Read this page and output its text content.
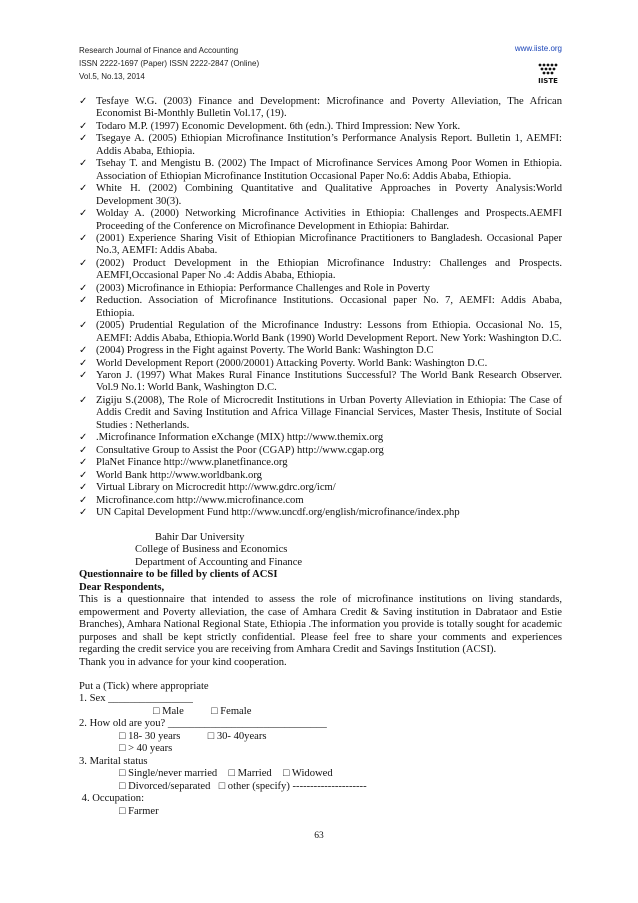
Research Journal of Finance and Accounting
ISSN 2222-1697 (Paper) ISSN 2222-2847 (Online)
Vol.5, No.13, 2014
www.iiste.org
IISTE
✓ Tesfaye W.G. (2003) Finance and Development: Microfinance and Poverty Alleviation, The African Economist Bi-Monthly Bulletin Vol.17, (19).
✓ Todaro M.P. (1997) Economic Development. 6th (edn.). Third Impression: New York.
✓ Tsegaye A. (2005) Ethiopian Microfinance Institution’s Performance Analysis Report. Bulletin 1, AEMFI: Addis Ababa, Ethiopia.
✓ Tsehay T. and Mengistu B. (2002) The Impact of Microfinance Services Among Poor Women in Ethiopia. Association of Ethiopian Microfinance Institution Occasional Paper No.6: Addis Ababa, Ethiopia.
✓ White H. (2002) Combining Quantitative and Qualitative Approaches in Poverty Analysis:World Development 30(3).
✓ Wolday A. (2000) Networking Microfinance Activities in Ethiopia: Challenges and Prospects.AEMFI Proceeding of the Conference on Microfinance Development in Ethiopia: Bahirdar.
✓ (2001) Experience Sharing Visit of Ethiopian Microfinance Practitioners to Bangladesh. Occasional Paper No.3, AEMFI: Addis Ababa.
✓ (2002) Product Development in the Ethiopian Microfinance Industry: Challenges and Prospects. AEMFI,Occasional Paper No .4: Addis Ababa, Ethiopia.
✓ (2003) Microfinance in Ethiopia: Performance Challenges and Role in Poverty
✓ Reduction. Association of Microfinance Institutions. Occasional paper No. 7, AEMFI: Addis Ababa, Ethiopia.
✓ (2005) Prudential Regulation of the Microfinance Industry: Lessons from Ethiopia. Occasional No. 15, AEMFI: Addis Ababa, Ethiopia.World Bank (1990) World Development Report. New York: Washington D.C.
✓ (2004) Progress in the Fight against Poverty. The World Bank: Washington D.C
✓ World Development Report (2000/20001) Attacking Poverty. World Bank: Washington D.C.
✓ Yaron J. (1997) What Makes Rural Finance Institutions Successful? The World Bank Research Observer. Vol.9 No.1: World Bank, Washington D.C.
✓ Zigiju S.(2008), The Role of Microcredit Institutions in Urban Poverty Alleviation in Ethiopia: The Case of Addis Credit and Saving Institution and Africa Village Financial Services, Master Thesis, Institute of Social Studies : Netherlands.
✓ .Microfinance Information eXchange (MIX) http://www.themix.org
✓ Consultative Group to Assist the Poor (CGAP) http://www.cgap.org
✓ PlaNet Finance http://www.planetfinance.org
✓ World Bank http://www.worldbank.org
✓ Virtual Library on Microcredit http://www.gdrc.org/icm/
✓ Microfinance.com http://www.microfinance.com
✓ UN Capital Development Fund http://www.uncdf.org/english/microfinance/index.php

Bahir Dar University

College of Business and Economics

Department of Accounting and Finance

Questionnaire to be filled by clients of ACSI

Dear Respondents,

This is a questionnaire that intended to assess the role of microfinance institutions on living standards, empowerment and Poverty alleviation, the case of Amhara Credit & Saving institution in Dabrataor and Estie Branches), Amhara National Regional State, Ethiopia .The information you provide is totally sought for academic purposes and shall be kept strictly confidential. Please feel free to share your comments and experiences regarding the credit service you are receiving from Amhara Credit and Savings Institution (ACSI).

Thank you in advance for your kind cooperation.

Put a (Tick) where appropriate

1. Sex ________________

□ Male	□ Female

2. How old are you? ______________________________

□ 18- 30 years	□ 30- 40years

□ > 40 years

3. Marital status

□ Single/never married □ Married □ Widowed

□ Divorced/separated □ other (specify) ---------------------

4. Occupation:

□ Farmer

63
